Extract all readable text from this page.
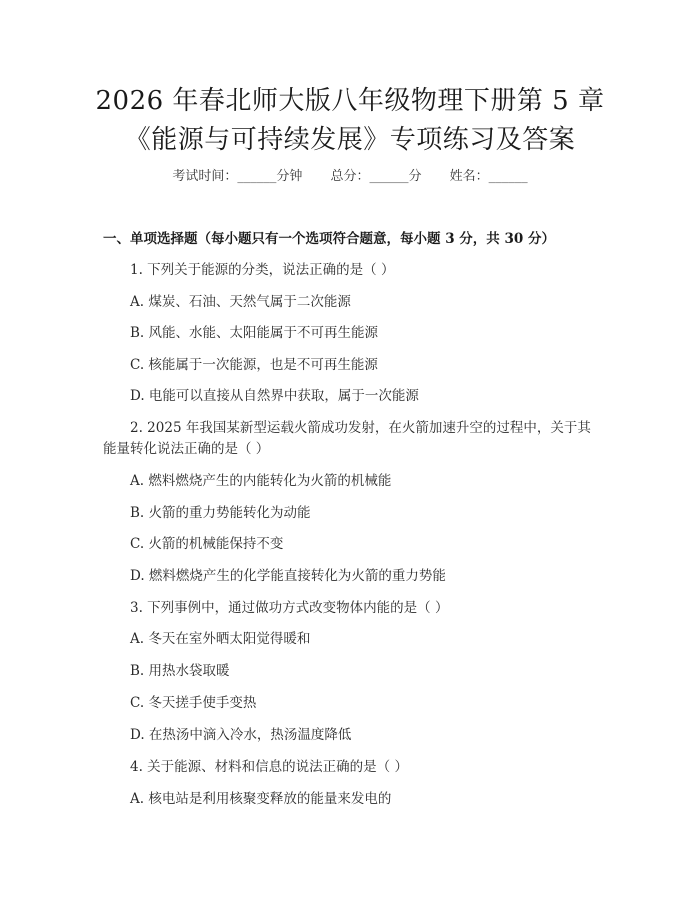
2026 年春北师大版八年级物理下册第 5 章
《能源与可持续发展》专项练习及答案
考试时间：______分钟 总分：______分 姓名：______
一、单项选择题（每小题只有一个选项符合题意，每小题 3 分，共 30 分）
1. 下列关于能源的分类，说法正确的是（ ）
A. 煤炭、石油、天然气属于二次能源
B. 风能、水能、太阳能属于不可再生能源
C. 核能属于一次能源，也是不可再生能源
D. 电能可以直接从自然界中获取，属于一次能源
2. 2025 年我国某新型运载火箭成功发射，在火箭加速升空的过程中，关于其
能量转化说法正确的是（ ）
A. 燃料燃烧产生的内能转化为火箭的机械能
B. 火箭的重力势能转化为动能
C. 火箭的机械能保持不变
D. 燃料燃烧产生的化学能直接转化为火箭的重力势能
3. 下列事例中，通过做功方式改变物体内能的是（ ）
A. 冬天在室外晒太阳觉得暖和
B. 用热水袋取暖
C. 冬天搓手使手变热
D. 在热汤中滴入冷水，热汤温度降低
4. 关于能源、材料和信息的说法正确的是（ ）
A. 核电站是利用核聚变释放的能量来发电的
